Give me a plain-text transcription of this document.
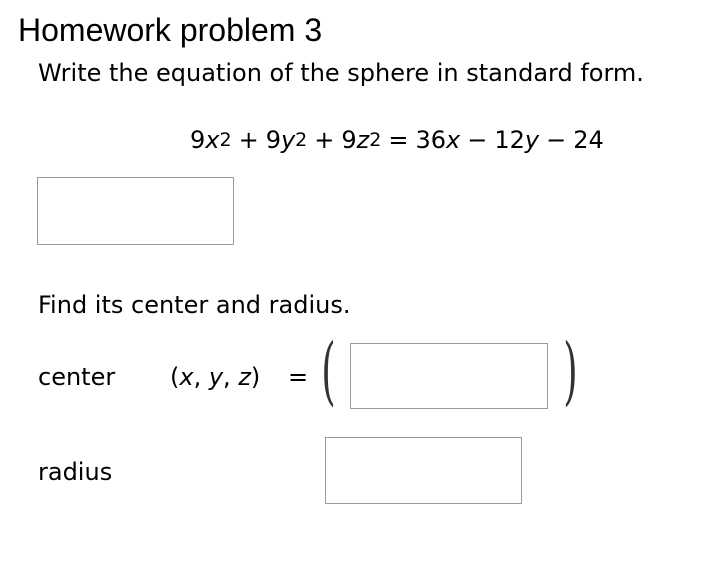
Homework problem 3
Write the equation of the sphere in standard form.
$9x^2 + 9y^2 + 9z^2 = 36x - 12y - 24$
Find its center and radius.
center (x, y, z) = (	)
radius
